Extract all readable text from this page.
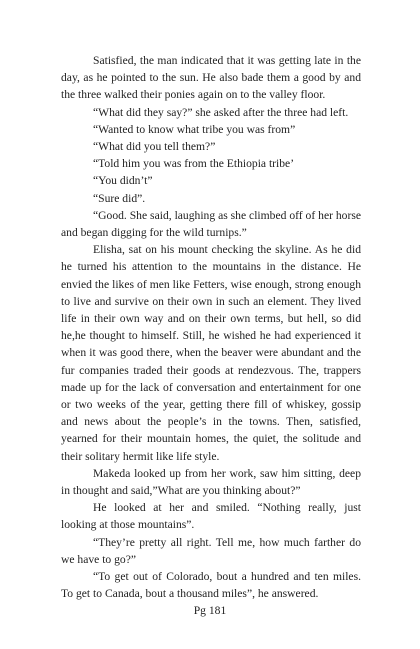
Satisfied, the man indicated that it was getting late in the day, as he pointed to the sun. He also bade them a good by and the three walked their ponies again on to the valley floor.

“What did they say?” she asked after the three had left.

“Wanted to know what tribe you was from”

“What did you tell them?”

“Told him you was from the Ethiopia tribe’

“You didn’t”

“Sure did”.

“Good. She said, laughing as she climbed off of her horse and began digging for the wild turnips.”

Elisha, sat on his mount checking the skyline. As he did he turned his attention to the mountains in the distance. He envied the likes of men like Fetters, wise enough, strong enough to live and survive on their own in such an element. They lived life in their own way and on their own terms, but hell, so did he,he thought to himself. Still, he wished he had experienced it when it was good there, when the beaver were abundant and the fur companies traded their goods at rendezvous. The, trappers made up for the lack of conversation and entertainment for one or two weeks of the year, getting there fill of whiskey, gossip and news about the people’s in the towns. Then, satisfied, yearned for their mountain homes, the quiet, the solitude and their solitary hermit like life style.

Makeda looked up from her work, saw him sitting, deep in thought and said,”What are you thinking about?”

He looked at her and smiled. “Nothing really, just looking at those mountains”.

“They’re pretty all right. Tell me, how much farther do we have to go?”

“To get out of Colorado, bout a hundred and ten miles. To get to Canada, bout a thousand miles”, he answered.

Pg 181
